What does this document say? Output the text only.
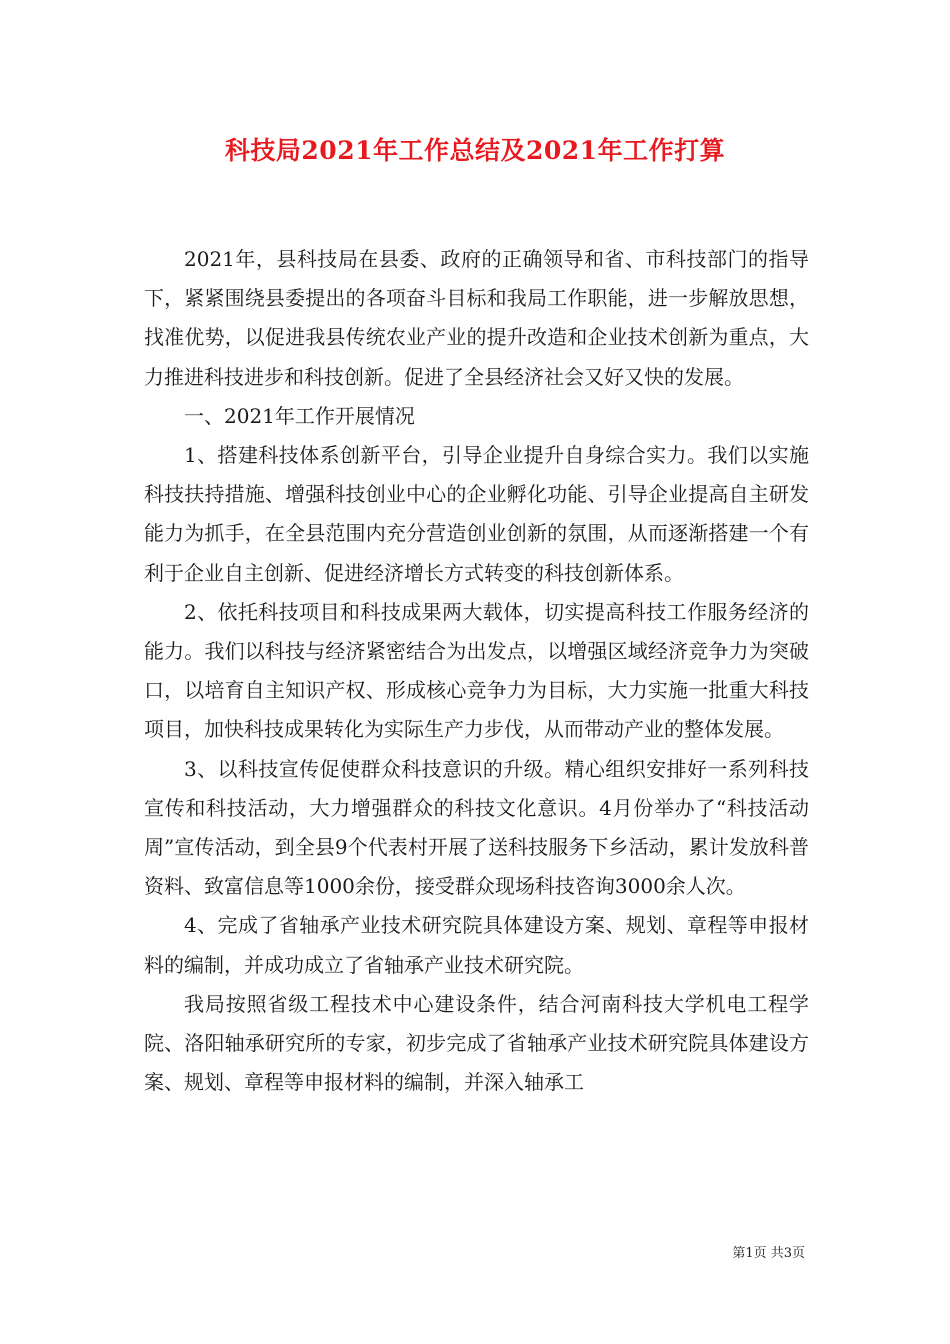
科技局2021年工作总结及2021年工作打算

2021年，县科技局在县委、政府的正确领导和省、市科技部门的指导下，紧紧围绕县委提出的各项奋斗目标和我局工作职能，进一步解放思想，找准优势，以促进我县传统农业产业的提升改造和企业技术创新为重点，大力推进科技进步和科技创新。促进了全县经济社会又好又快的发展。

一、2021年工作开展情况

1、搭建科技体系创新平台，引导企业提升自身综合实力。我们以实施科技扶持措施、增强科技创业中心的企业孵化功能、引导企业提高自主研发能力为抓手，在全县范围内充分营造创业创新的氛围，从而逐渐搭建一个有利于企业自主创新、促进经济增长方式转变的科技创新体系。

2、依托科技项目和科技成果两大载体，切实提高科技工作服务经济的能力。我们以科技与经济紧密结合为出发点，以增强区域经济竞争力为突破口，以培育自主知识产权、形成核心竞争力为目标，大力实施一批重大科技项目，加快科技成果转化为实际生产力步伐，从而带动产业的整体发展。

3、以科技宣传促使群众科技意识的升级。精心组织安排好一系列科技宣传和科技活动，大力增强群众的科技文化意识。4月份举办了“科技活动周”宣传活动，到全县9个代表村开展了送科技服务下乡活动，累计发放科普资料、致富信息等1000余份，接受群众现场科技咨询3000余人次。

4、完成了省轴承产业技术研究院具体建设方案、规划、章程等申报材料的编制，并成功成立了省轴承产业技术研究院。

我局按照省级工程技术中心建设条件，结合河南科技大学机电工程学院、洛阳轴承研究所的专家，初步完成了省轴承产业技术研究院具体建设方案、规划、章程等申报材料的编制，并深入轴承工

第1页 共3页
